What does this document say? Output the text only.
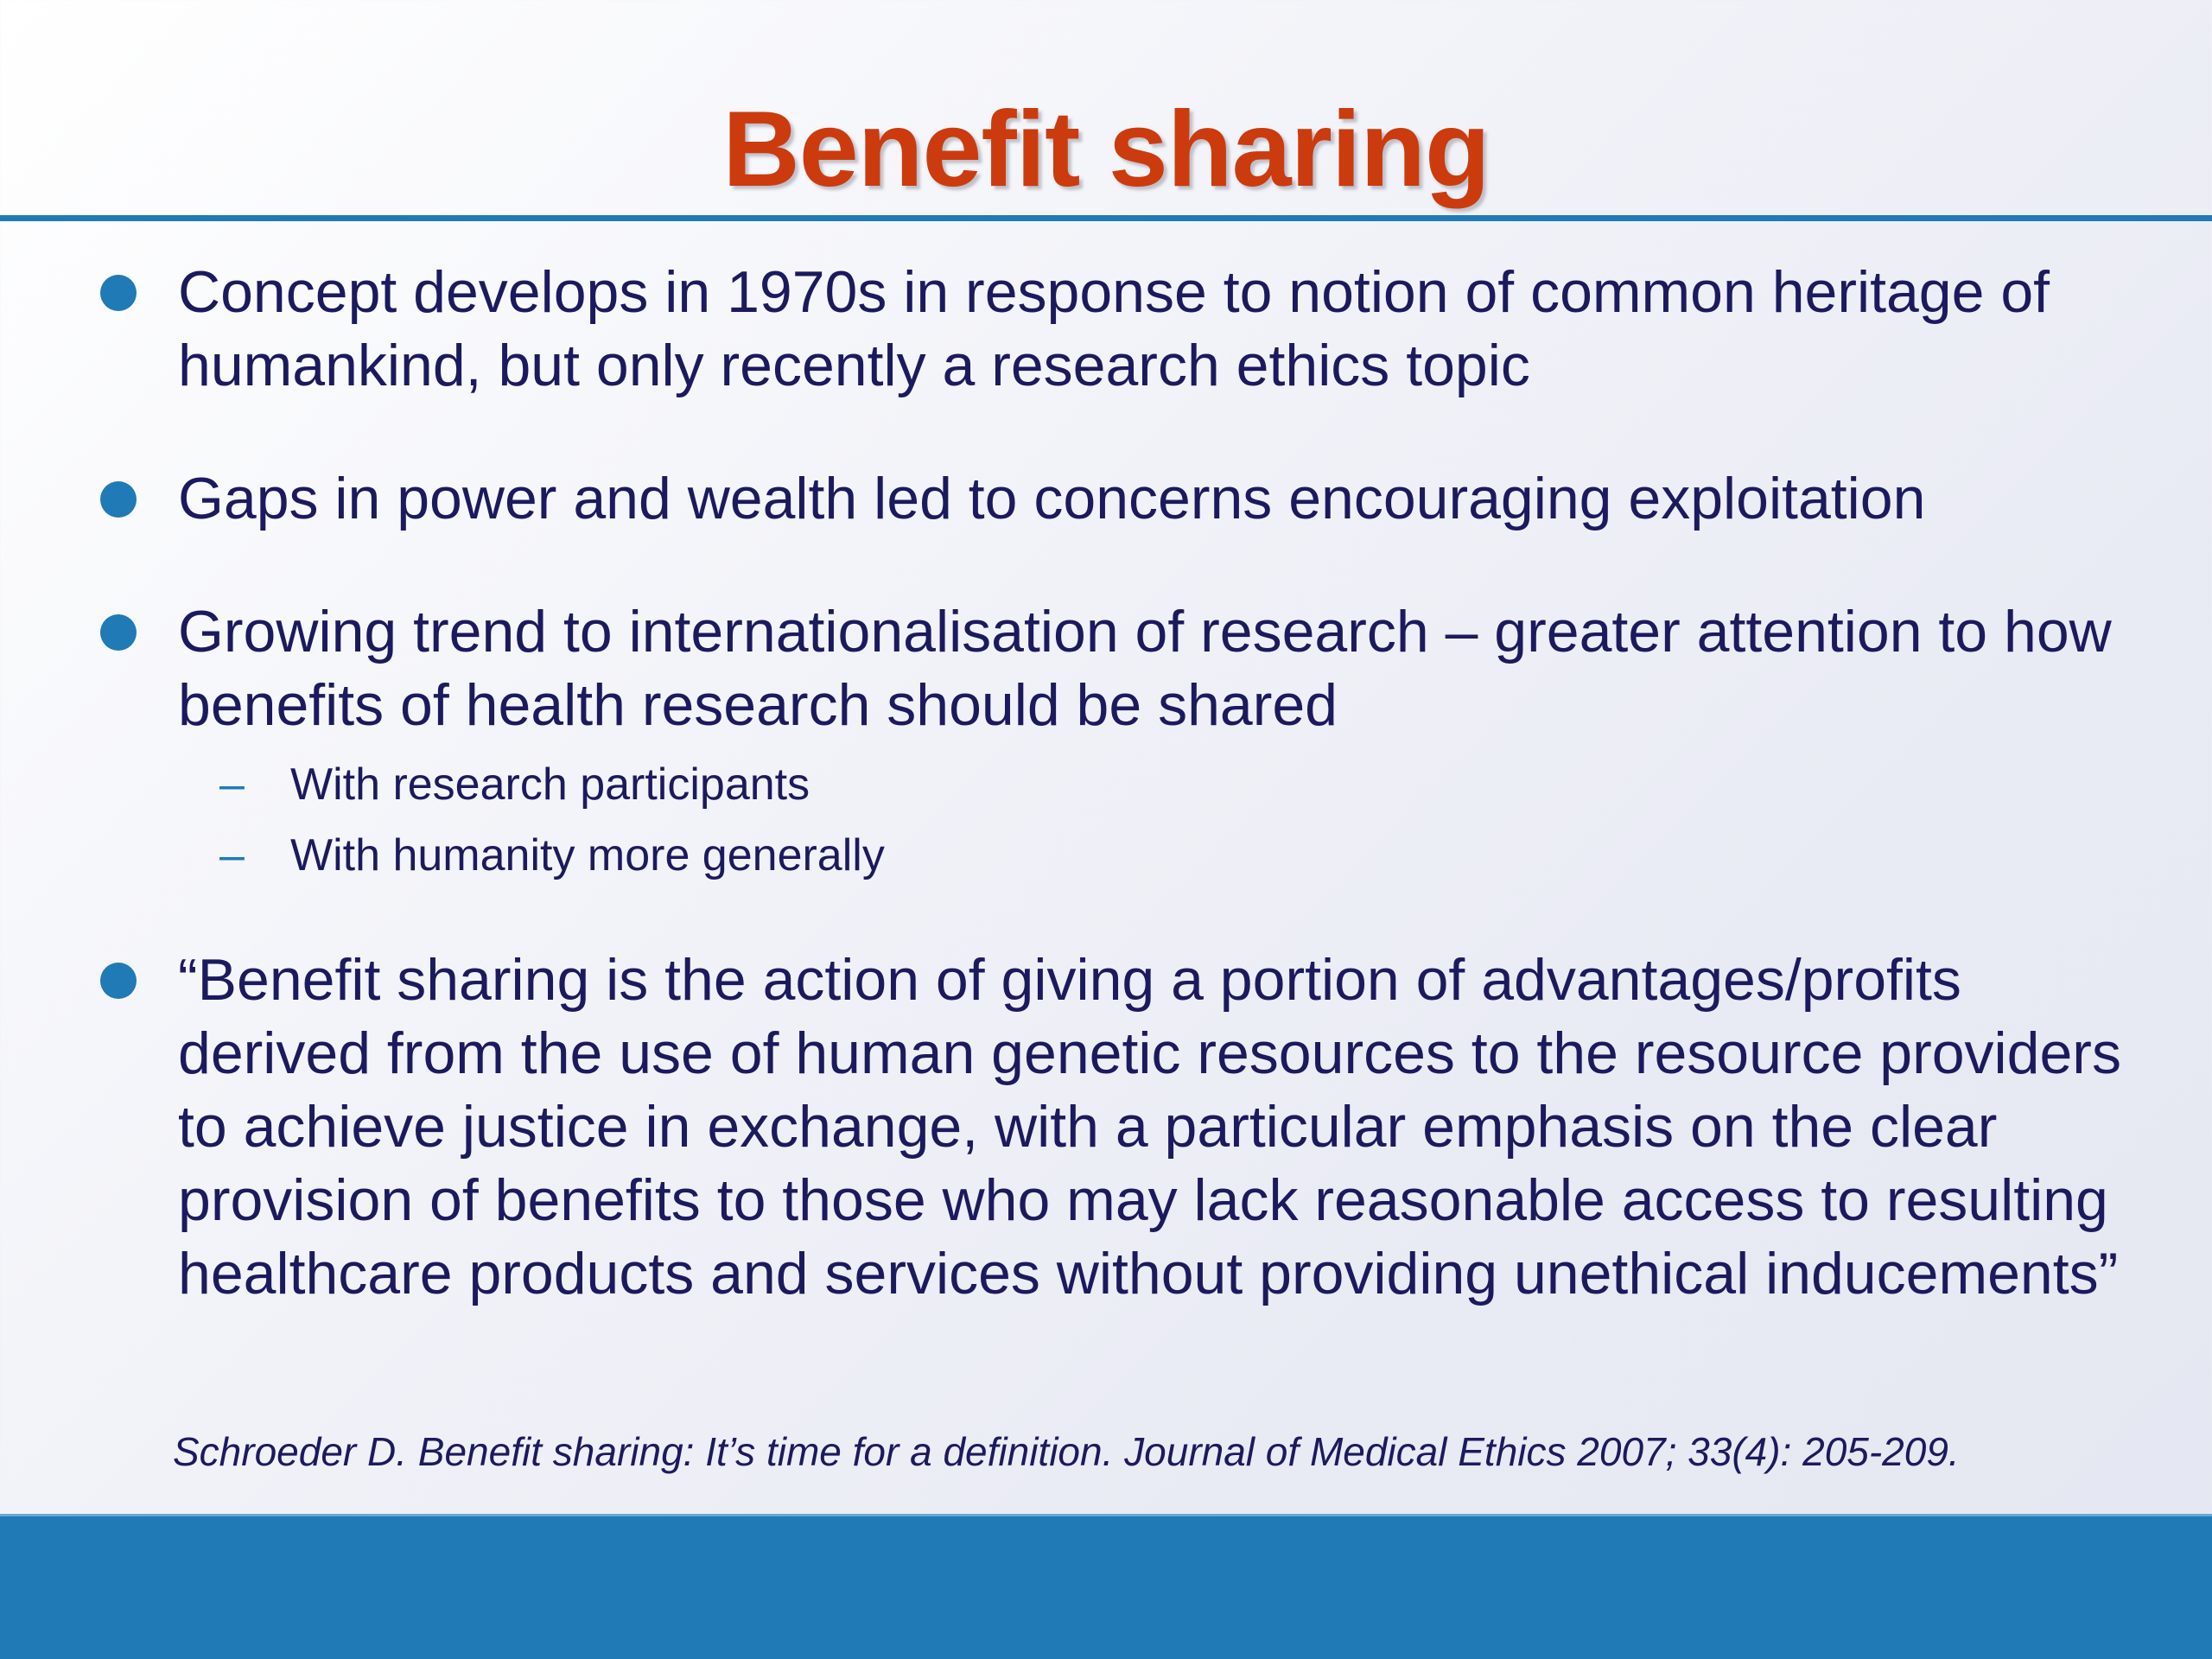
Benefit sharing
Concept develops in 1970s in response to notion of common heritage of humankind, but only recently a research ethics topic
Gaps in power and wealth led to concerns encouraging exploitation
Growing trend to internationalisation of research – greater attention to how benefits of health research should be shared
– With research participants
– With humanity more generally
“Benefit sharing is the action of giving a portion of advantages/profits derived from the use of human genetic resources to the resource providers to achieve justice in exchange, with a particular emphasis on the clear provision of benefits to those who may lack reasonable access to resulting healthcare products and services without providing unethical inducements”
Schroeder D. Benefit sharing: It’s time for a definition. Journal of Medical Ethics 2007; 33(4): 205-209.
